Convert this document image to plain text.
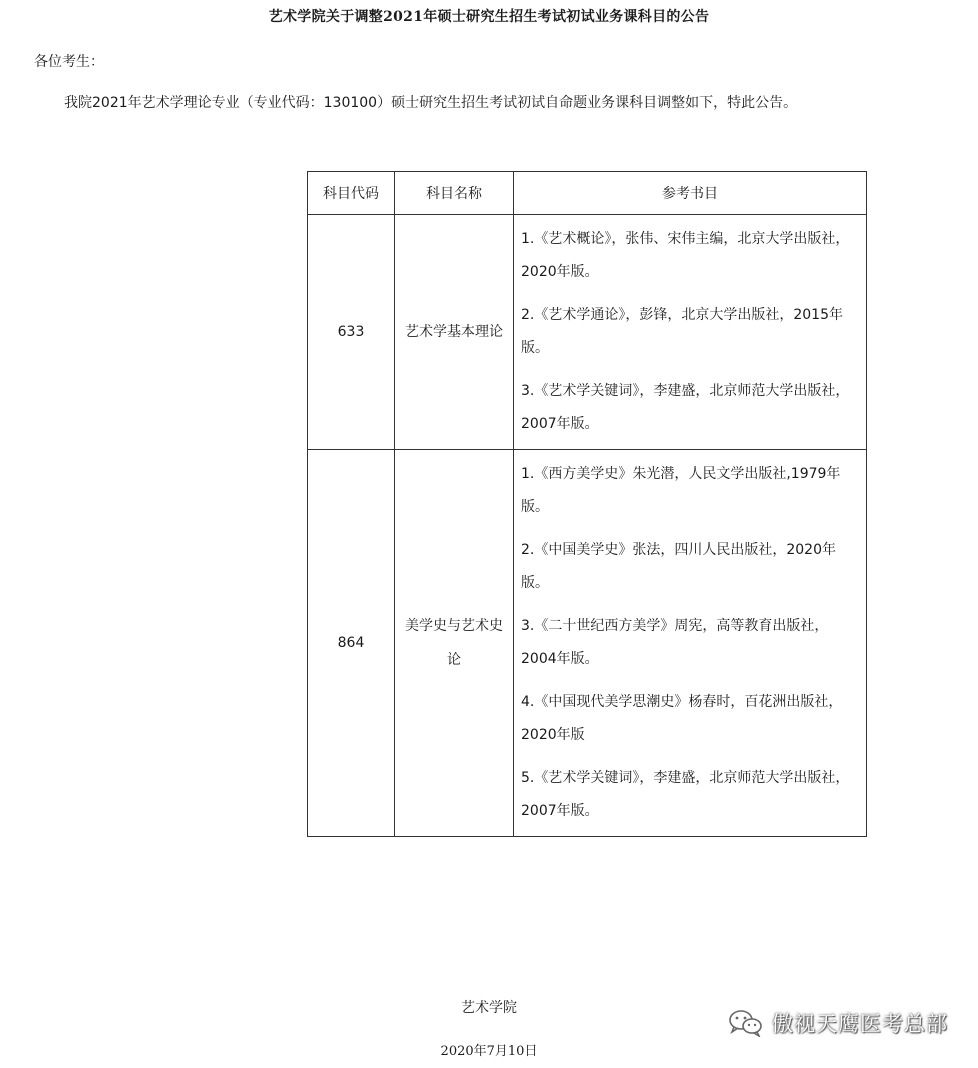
艺术学院关于调整2021年硕士研究生招生考试初试业务课科目的公告
各位考生：
我院2021年艺术学理论专业（专业代码：130100）硕士研究生招生考试初试自命题业务课科目调整如下，特此公告。
科目代码	科目名称	参考书目
633	艺术学基本理论	1.《艺术概论》，张伟、宋伟主编，北京大学出版社，2020年版。
2.《艺术学通论》，彭锋，北京大学出版社，2015年版。
3.《艺术学关键词》，李建盛，北京师范大学出版社，2007年版。

864	美学史与艺术史论	1.《西方美学史》朱光潜，人民文学出版社,1979年版。
2.《中国美学史》张法，四川人民出版社，2020年版。
3.《二十世纪西方美学》周宪，高等教育出版社，2004年版。
4.《中国现代美学思潮史》杨春时，百花洲出版社，2020年版
5.《艺术学关键词》，李建盛，北京师范大学出版社，2007年版。
艺术学院
2020年7月10日
傲视天鹰医考总部
